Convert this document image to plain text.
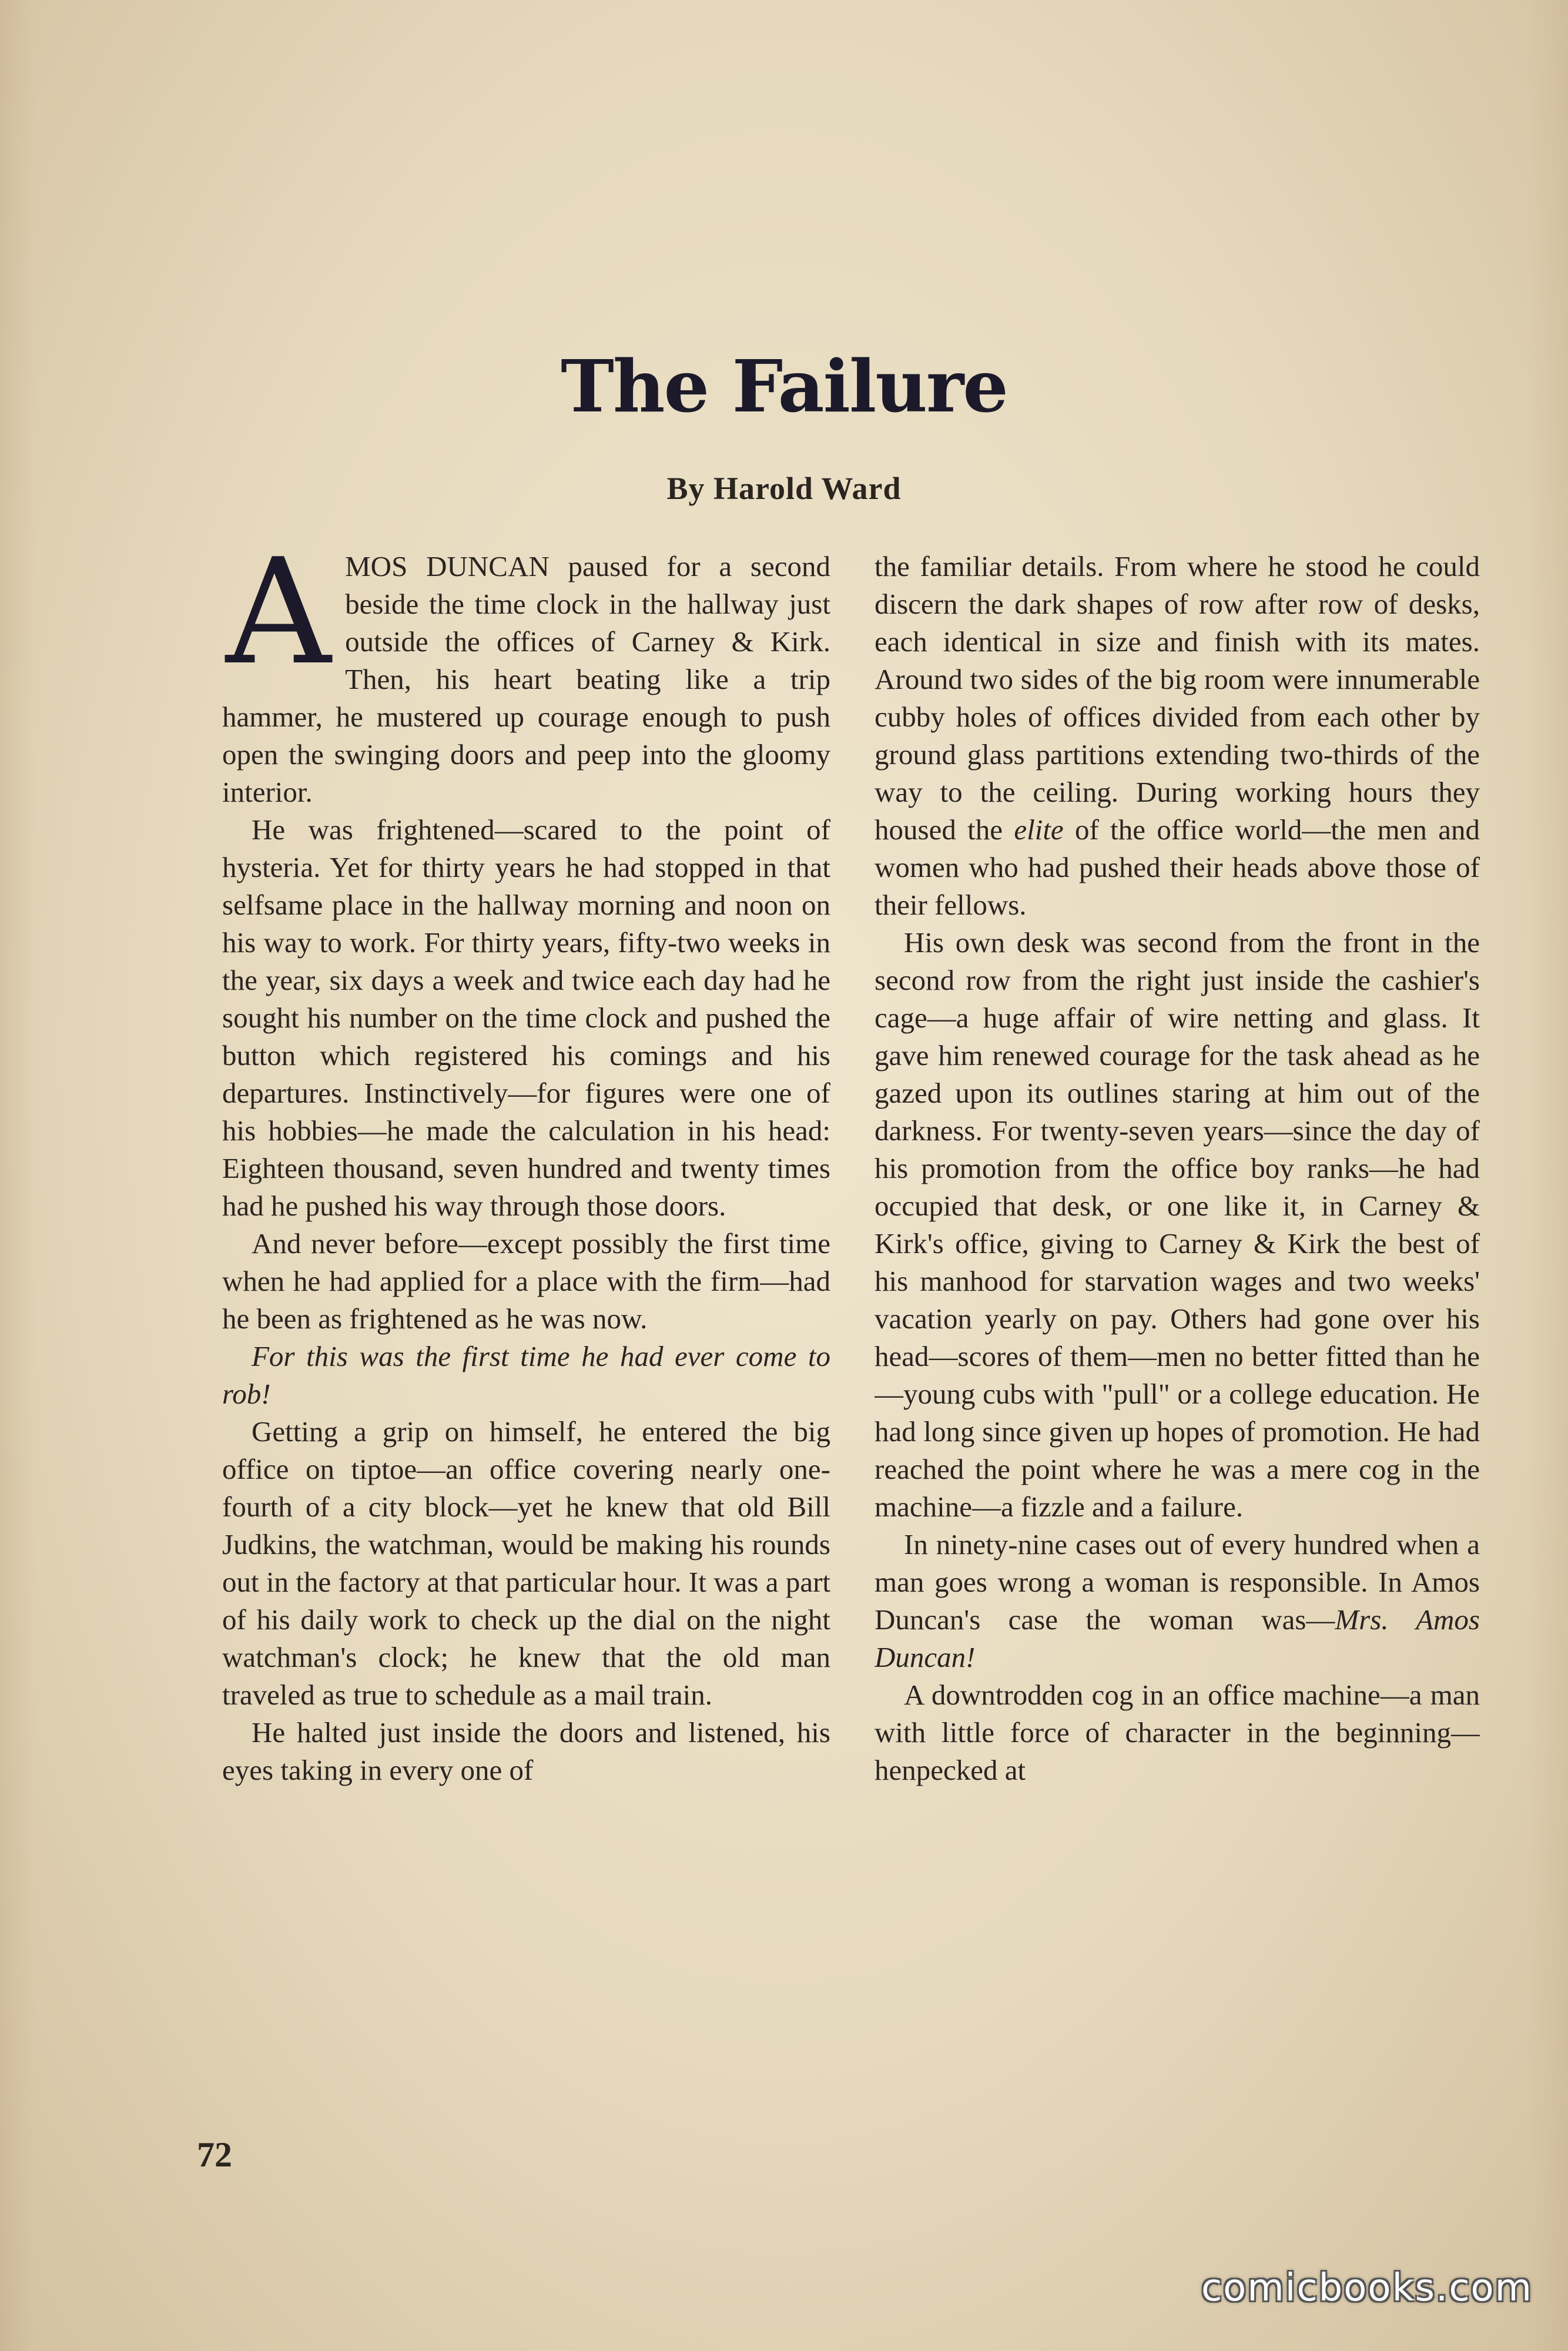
The Failure
By Harold Ward

AMOS DUNCAN paused for a second beside the time clock in the hallway just outside the offices of Carney & Kirk. Then, his heart beating like a trip hammer, he mustered up courage enough to push open the swinging doors and peep into the gloomy interior.

He was frightened—scared to the point of hysteria. Yet for thirty years he had stopped in that selfsame place in the hallway morning and noon on his way to work. For thirty years, fifty-two weeks in the year, six days a week and twice each day had he sought his number on the time clock and pushed the button which registered his comings and his departures. Instinctively—for figures were one of his hobbies—he made the calculation in his head: Eighteen thousand, seven hundred and twenty times had he pushed his way through those doors.

And never before—except possibly the first time when he had applied for a place with the firm—had he been as frightened as he was now.

For this was the first time he had ever come to rob!

Getting a grip on himself, he entered the big office on tiptoe—an office covering nearly one-fourth of a city block—yet he knew that old Bill Judkins, the watchman, would be making his rounds out in the factory at that particular hour. It was a part of his daily work to check up the dial on the night watchman's clock; he knew that the old man traveled as true to schedule as a mail train.

He halted just inside the doors and listened, his eyes taking in every one of

the familiar details. From where he stood he could discern the dark shapes of row after row of desks, each identical in size and finish with its mates. Around two sides of the big room were innumerable cubby holes of offices divided from each other by ground glass partitions extending two-thirds of the way to the ceiling. During working hours they housed the elite of the office world—the men and women who had pushed their heads above those of their fellows.

His own desk was second from the front in the second row from the right just inside the cashier's cage—a huge affair of wire netting and glass. It gave him renewed courage for the task ahead as he gazed upon its outlines staring at him out of the darkness. For twenty-seven years—since the day of his promotion from the office boy ranks—he had occupied that desk, or one like it, in Carney & Kirk's office, giving to Carney & Kirk the best of his manhood for starvation wages and two weeks' vacation yearly on pay. Others had gone over his head—scores of them—men no better fitted than he—young cubs with "pull" or a college education. He had long since given up hopes of promotion. He had reached the point where he was a mere cog in the machine—a fizzle and a failure.

In ninety-nine cases out of every hundred when a man goes wrong a woman is responsible. In Amos Duncan's case the woman was—Mrs. Amos Duncan!

A downtrodden cog in an office machine—a man with little force of character in the beginning—henpecked at

72
comicbooks.com
